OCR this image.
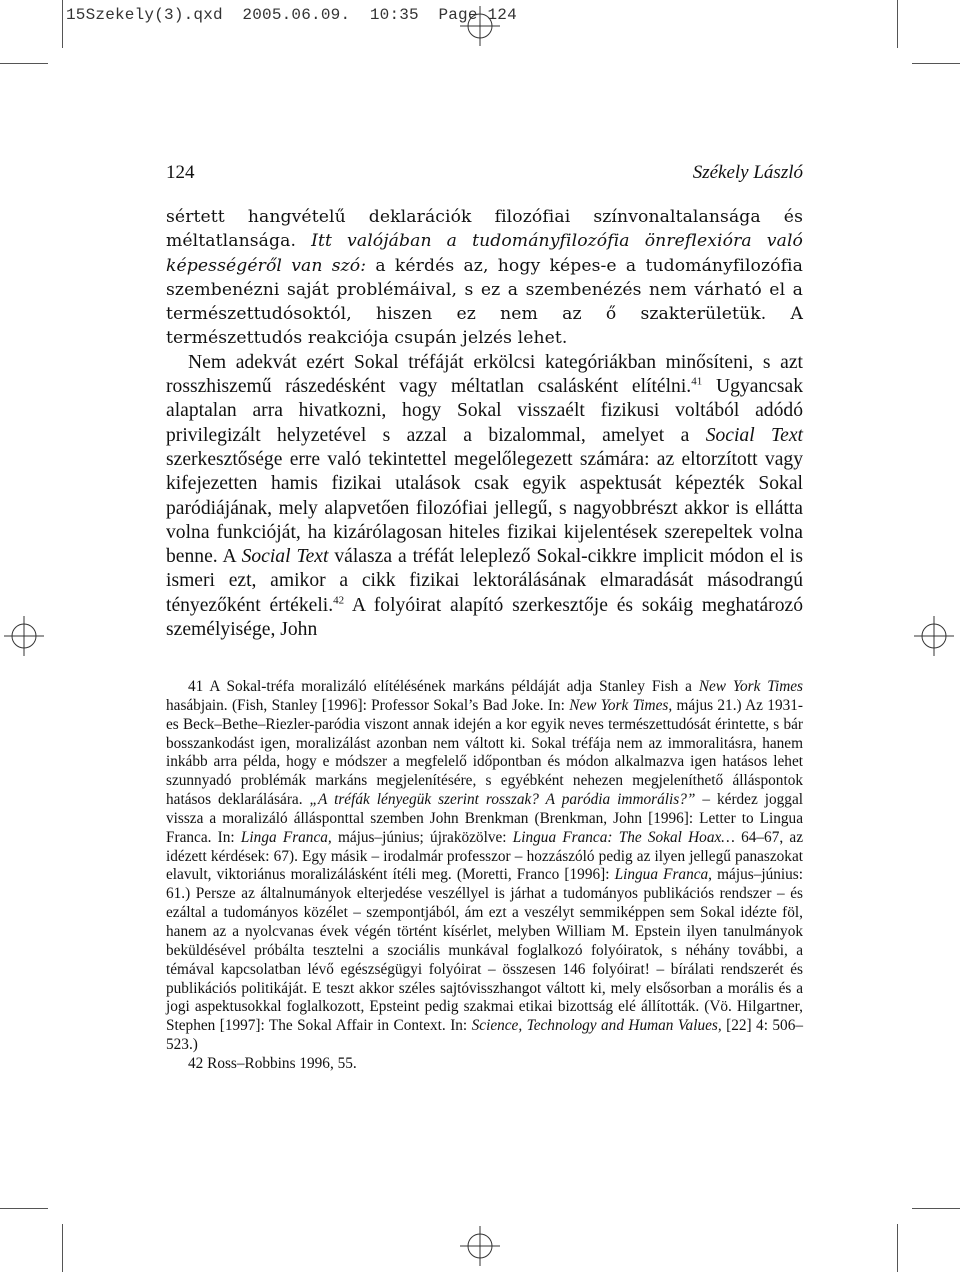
15Szekely(3).qxd  2005.06.09.  10:35  Page 124
124	Székely László

sértett hangvételű deklarációk filozófiai színvonaltalansága és méltatlansága. Itt valójában a tudományfilozófia önreflexióra való képességéről van szó: a kérdés az, hogy képes-e a tudományfilozófia szembenézni saját problémáival, s ez a szembenézés nem várható el a természettudósoktól, hiszen ez nem az ő szakterületük. A természettudós reakciója csupán jelzés lehet.

Nem adekvát ezért Sokal tréfáját erkölcsi kategóriákban minősíteni, s azt rosszhiszemű rászedésként vagy méltatlan csalásként elítélni.$^{41}$ Ugyancsak alaptalan arra hivatkozni, hogy Sokal visszaélt fizikusi voltából adódó privilegizált helyzetével s azzal a bizalommal, amelyet a Social Text szerkesztősége erre való tekintettel megelőlegezett számára: az eltorzított vagy kifejezetten hamis fizikai utalások csak egyik aspektusát képezték Sokal paródiájának, mely alapvetően filozófiai jellegű, s nagyobbrészt akkor is ellátta volna funkcióját, ha kizárólagosan hiteles fizikai kijelentések szerepeltek volna benne. A Social Text válasza a tréfát leleplező Sokal-cikkre implicit módon el is ismeri ezt, amikor a cikk fizikai lektorálásának elmaradását másodrangú tényezőként értékeli.$^{42}$ A folyóirat alapító szerkesztője és sokáig meghatározó személyisége, John

41 A Sokal-tréfa moralizáló elítélésének markáns példáját adja Stanley Fish a New York Times hasábjain. (Fish, Stanley [1996]: Professor Sokal’s Bad Joke. In: New York Times, május 21.) Az 1931-es Beck–Bethe–Riezler-paródia viszont annak idején a kor egyik neves természettudósát érintette, s bár bosszankodást igen, moralizálást azonban nem váltott ki. Sokal tréfája nem az immoralitásra, hanem inkább arra példa, hogy e módszer a megfelelő időpontban és módon alkalmazva igen hatásos lehet szunnyadó problémák markáns megjelenítésére, s egyébként nehezen megjeleníthető álláspontok hatásos deklarálására. „A tréfák lényegük szerint rosszak? A paródia immorális?” – kérdez joggal vissza a moralizáló állásponttal szemben John Brenkman (Brenkman, John [1996]: Letter to Lingua Franca. In: Linga Franca, május–június; újraközölve: Lingua Franca: The Sokal Hoax… 64–67, az idézett kérdések: 67). Egy másik – irodalmár professzor – hozzászóló pedig az ilyen jellegű panaszokat elavult, viktoriánus moralizálásként ítéli meg. (Moretti, Franco [1996]: Lingua Franca, május–június: 61.) Persze az általnumányok elterjedése veszéllyel is járhat a tudományos publikációs rendszer – és ezáltal a tudományos közélet – szempontjából, ám ezt a veszélyt semmiképpen sem Sokal idézte föl, hanem az a nyolcvanas évek végén történt kísérlet, melyben William M. Epstein ilyen tanulmányok beküldésével próbálta tesztelni a szociális munkával foglalkozó folyóiratok, s néhány további, a témával kapcsolatban lévő egészségügyi folyóirat – összesen 146 folyóirat! – bírálati rendszerét és publikációs politikáját. E teszt akkor széles sajtóvisszhangot váltott ki, mely elsősorban a morális és a jogi aspektusokkal foglalkozott, Epsteint pedig szakmai etikai bizottság elé állították. (Vö. Hilgartner, Stephen [1997]: The Sokal Affair in Context. In: Science, Technology and Human Values, [22] 4: 506–523.)

42 Ross–Robbins 1996, 55.
